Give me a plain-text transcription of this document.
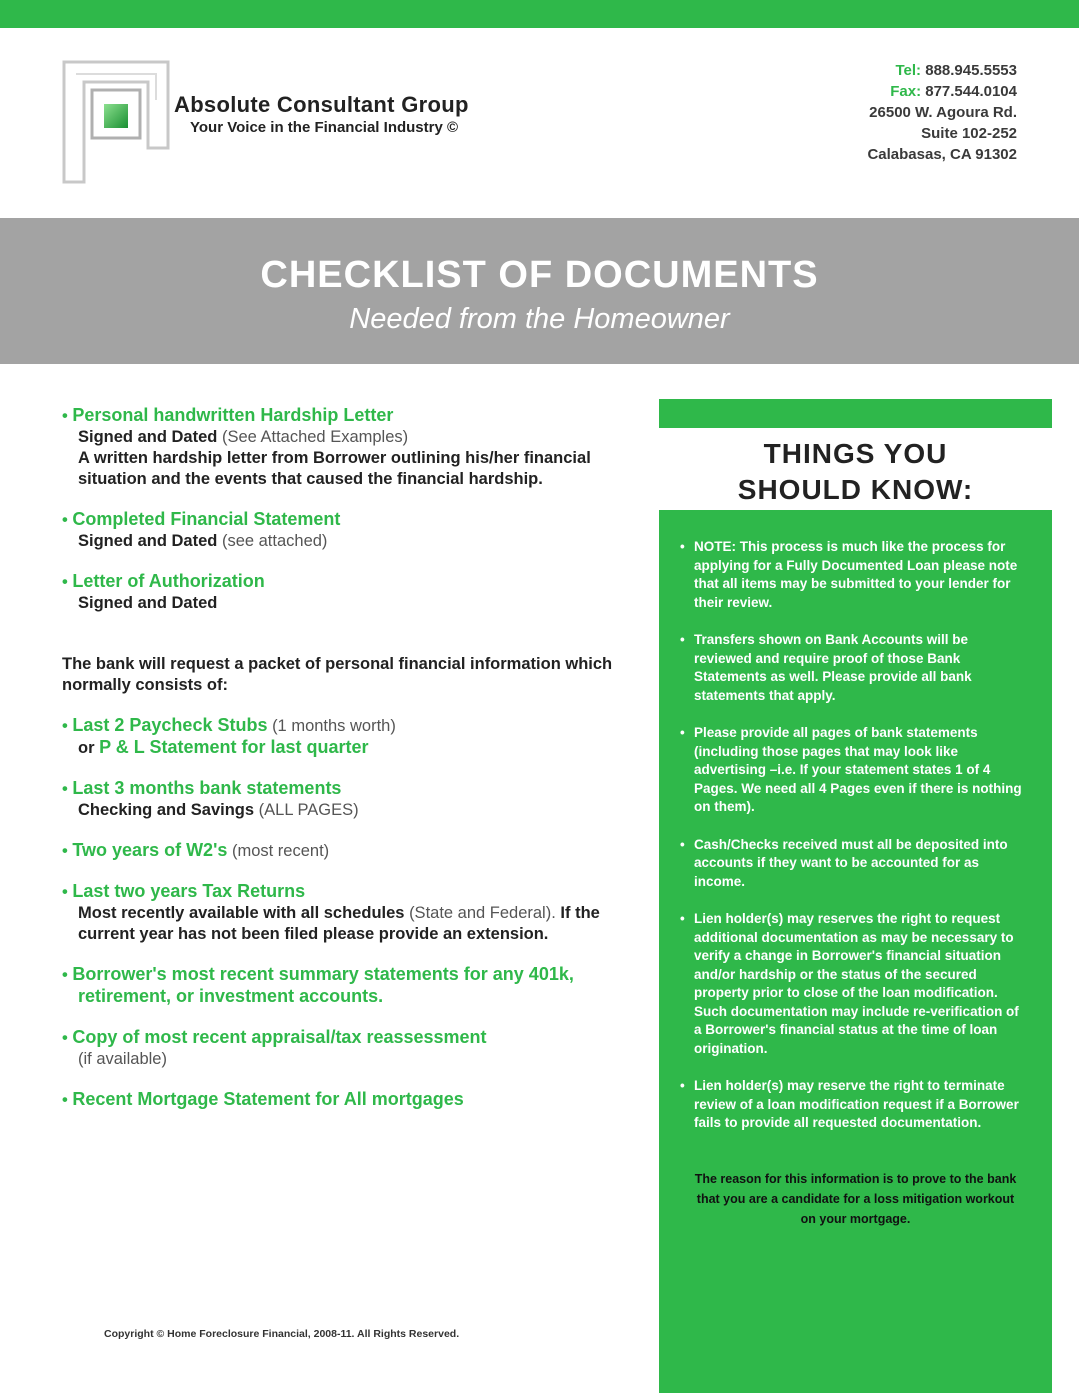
Absolute Consultant Group
Your Voice in the Financial Industry ©
Tel: 888.945.5553
Fax: 877.544.0104
26500 W. Agoura Rd.
Suite 102-252
Calabasas, CA 91302
CHECKLIST OF DOCUMENTS
Needed from the Homeowner
• Personal handwritten Hardship Letter
Signed and Dated (See Attached Examples)
A written hardship letter from Borrower outlining his/her financial situation and the events that caused the financial hardship.
• Completed Financial Statement
Signed and Dated (see attached)
• Letter of Authorization
Signed and Dated
The bank will request a packet of personal financial information which normally consists of:
• Last 2 Paycheck Stubs (1 months worth)
or P & L Statement for last quarter
• Last 3 months bank statements
Checking and Savings (ALL PAGES)
• Two years of W2's (most recent)
• Last two years Tax Returns
Most recently available with all schedules (State and Federal). If the current year has not been filed please provide an extension.
• Borrower's most recent summary statements for any 401k, retirement, or investment accounts.
• Copy of most recent appraisal/tax reassessment
(if available)
• Recent Mortgage Statement for All mortgages
Copyright © Home Foreclosure Financial, 2008-11. All Rights Reserved.
THINGS YOU
SHOULD KNOW:
• NOTE: This process is much like the process for applying for a Fully Documented Loan please note that all items may be submitted to your lender for their review.
• Transfers shown on Bank Accounts will be reviewed and require proof of those Bank Statements as well. Please provide all bank statements that apply.
• Please provide all pages of bank statements (including those pages that may look like advertising –i.e. If your statement states 1 of 4 Pages. We need all 4 Pages even if there is nothing on them).
• Cash/Checks received must all be deposited into accounts if they want to be accounted for as income.
• Lien holder(s) may reserves the right to request additional documentation as may be necessary to verify a change in Borrower's financial situation and/or hardship or the status of the secured property prior to close of the loan modification. Such documentation may include re-verification of a Borrower's financial status at the time of loan origination.
• Lien holder(s) may reserve the right to terminate review of a loan modification request if a Borrower fails to provide all requested documentation.
The reason for this information is to prove to the bank that you are a candidate for a loss mitigation workout on your mortgage.
